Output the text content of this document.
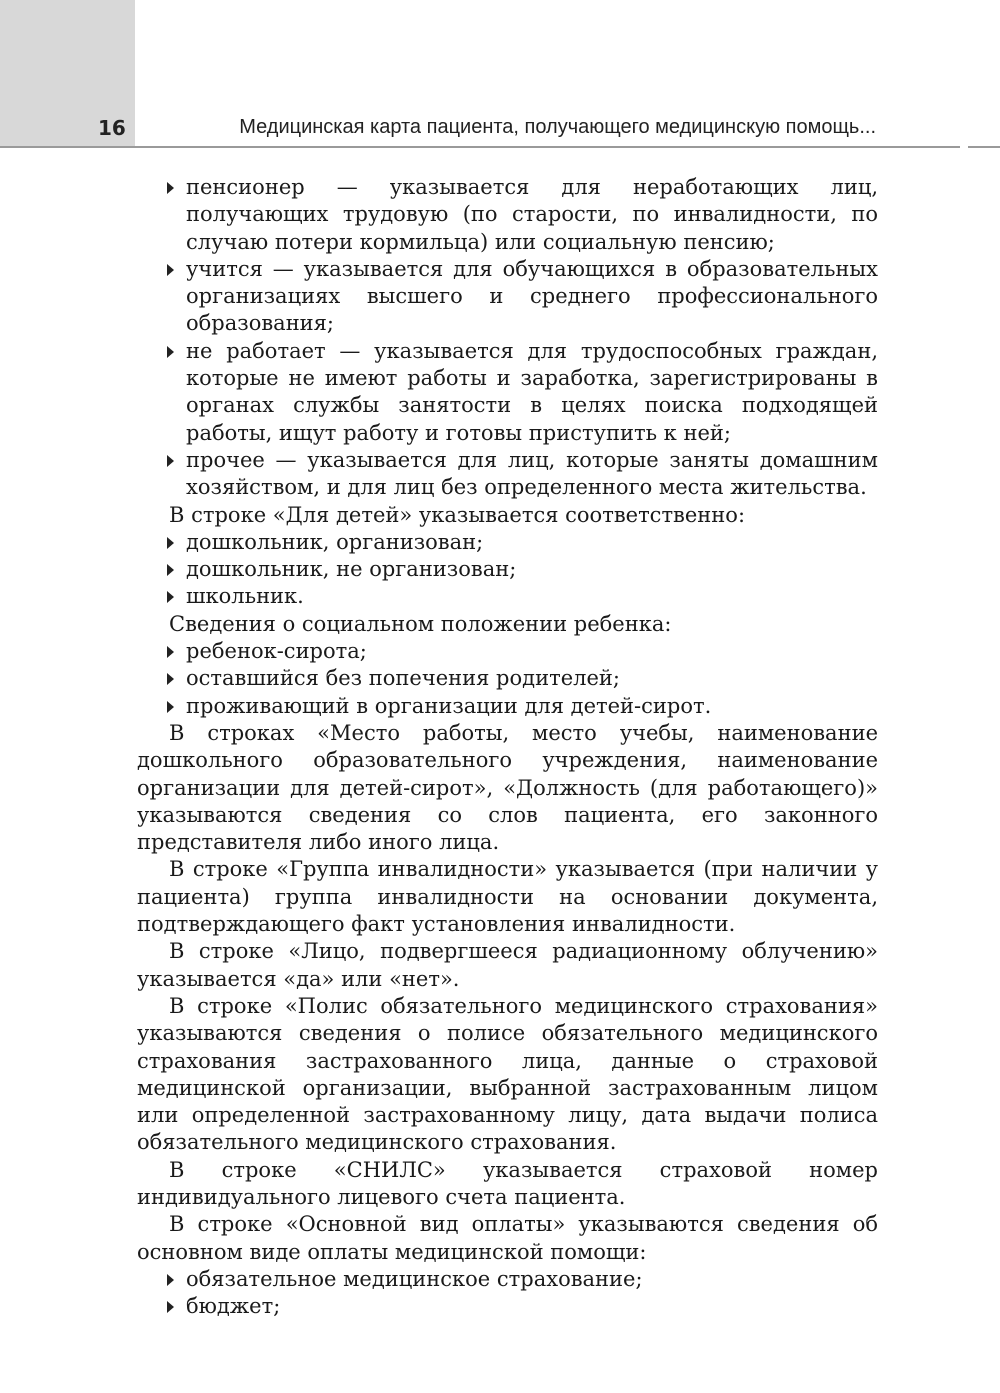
16	Медицинская карта пациента, получающего медицинскую помощь...

пенсионер — указывается для неработающих лиц, получающих трудовую (по старости, по инвалидности, по случаю потери кормильца) или социальную пенсию;

учится — указывается для обучающихся в образовательных организациях высшего и среднего профессионального образования;

не работает — указывается для трудоспособных граждан, которые не имеют работы и заработка, зарегистрированы в органах службы занятости в целях поиска подходящей работы, ищут работу и готовы приступить к ней;

прочее — указывается для лиц, которые заняты домашним хозяйством, и для лиц без определенного места жительства.

В строке «Для детей» указывается соответственно:

дошкольник, организован;

дошкольник, не организован;

школьник.

Сведения о социальном положении ребенка:

ребенок-сирота;

оставшийся без попечения родителей;

проживающий в организации для детей-сирот.

В строках «Место работы, место учебы, наименование дошкольного образовательного учреждения, наименование организации для детей-сирот», «Должность (для работающего)» указываются сведения со слов пациента, его законного представителя либо иного лица.

В строке «Группа инвалидности» указывается (при наличии у пациента) группа инвалидности на основании документа, подтверждающего факт установления инвалидности.

В строке «Лицо, подвергшееся радиационному облучению» указывается «да» или «нет».

В строке «Полис обязательного медицинского страхования» указываются сведения о полисе обязательного медицинского страхования застрахованного лица, данные о страховой медицинской организации, выбранной застрахованным лицом или определенной застрахованному лицу, дата выдачи полиса обязательного медицинского страхования.

В строке «СНИЛС» указывается страховой номер индивидуального лицевого счета пациента.

В строке «Основной вид оплаты» указываются сведения об основном виде оплаты медицинской помощи:

обязательное медицинское страхование;

бюджет;
